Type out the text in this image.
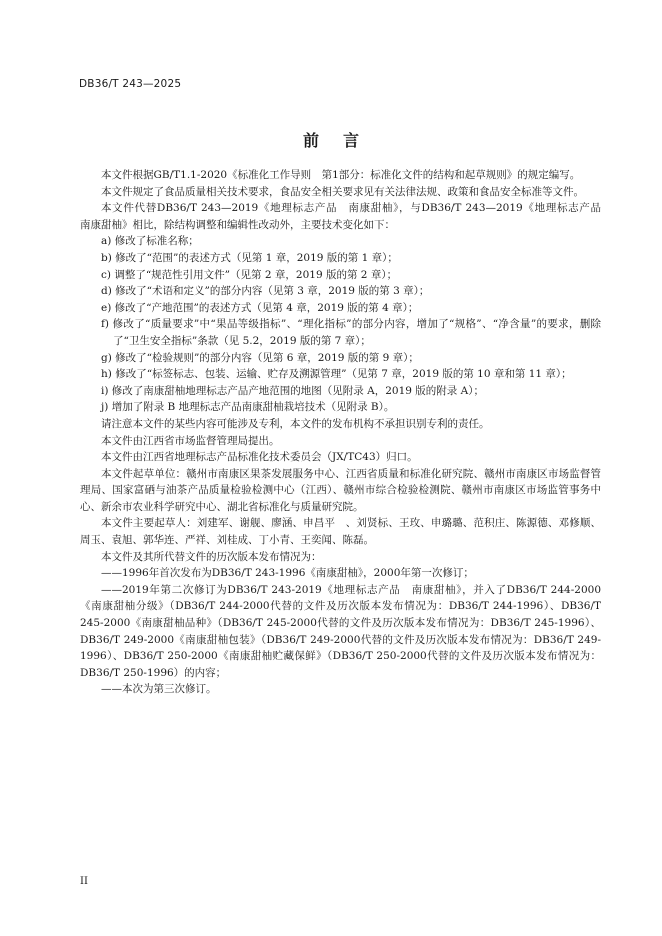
DB36/T 243—2025
前言

本文件根据GB/T1.1-2020《标准化工作导则　第1部分：标准化文件的结构和起草规则》的规定编写。

本文件规定了食品质量相关技术要求，食品安全相关要求见有关法律法规、政策和食品安全标准等文件。

本文件代替DB36/T 243—2019《地理标志产品　南康甜柚》，与DB36/T 243—2019《地理标志产品　南康甜柚》相比，除结构调整和编辑性改动外，主要技术变化如下：

a) 修改了标准名称；

b) 修改了“范围”的表述方式（见第 1 章，2019 版的第 1 章）；

c) 调整了“规范性引用文件”（见第 2 章，2019 版的第 2 章）；

d) 修改了“术语和定义”的部分内容（见第 3 章，2019 版的第 3 章）；

e) 修改了“产地范围”的表述方式（见第 4 章，2019 版的第 4 章）；

f) 修改了“质量要求”中“果品等级指标”、“理化指标”的部分内容，增加了“规格”、“净含量”的要求，删除了“卫生安全指标”条款（见 5.2，2019 版的第 7 章）；

g) 修改了“检验规则”的部分内容（见第 6 章，2019 版的第 9 章）；

h) 修改了“标签标志、包装、运输、贮存及溯源管理”（见第 7 章，2019 版的第 10 章和第 11 章）；

i) 修改了南康甜柚地理标志产品产地范围的地图（见附录 A，2019 版的附录 A）；

j) 增加了附录 B 地理标志产品南康甜柚栽培技术（见附录 B）。

请注意本文件的某些内容可能涉及专利，本文件的发布机构不承担识别专利的责任。

本文件由江西省市场监督管理局提出。

本文件由江西省地理标志产品标准化技术委员会（JX/TC43）归口。

本文件起草单位：赣州市南康区果茶发展服务中心、江西省质量和标准化研究院、赣州市南康区市场监督管理局、国家富硒与油茶产品质量检验检测中心（江西）、赣州市综合检验检测院、赣州市南康区市场监管事务中心、新余市农业科学研究中心、湖北省标准化与质量研究院。

本文件主要起草人：刘建军、谢舰、廖涵、申昌平　、刘贤标、王玫、申璐璐、范积庄、陈源德、邓修顺、周玉、袁旭、郭华连、严祥、刘桂成、丁小青、王奕闻、陈磊。

本文件及其所代替文件的历次版本发布情况为：

——1996年首次发布为DB36/T 243-1996《南康甜柚》，2000年第一次修订；

——2019年第二次修订为DB36/T 243-2019《地理标志产品　南康甜柚》，并入了DB36/T 244-2000《南康甜柚分级》（DB36/T 244-2000代替的文件及历次版本发布情况为：DB36/T 244-1996）、DB36/T 245-2000《南康甜柚品种》（DB36/T 245-2000代替的文件及历次版本发布情况为：DB36/T 245-1996）、DB36/T 249-2000《南康甜柚包装》（DB36/T 249-2000代替的文件及历次版本发布情况为：DB36/T 249-1996）、DB36/T 250-2000《南康甜柚贮藏保鲜》（DB36/T 250-2000代替的文件及历次版本发布情况为：DB36/T 250-1996）的内容；

——本次为第三次修订。

II
